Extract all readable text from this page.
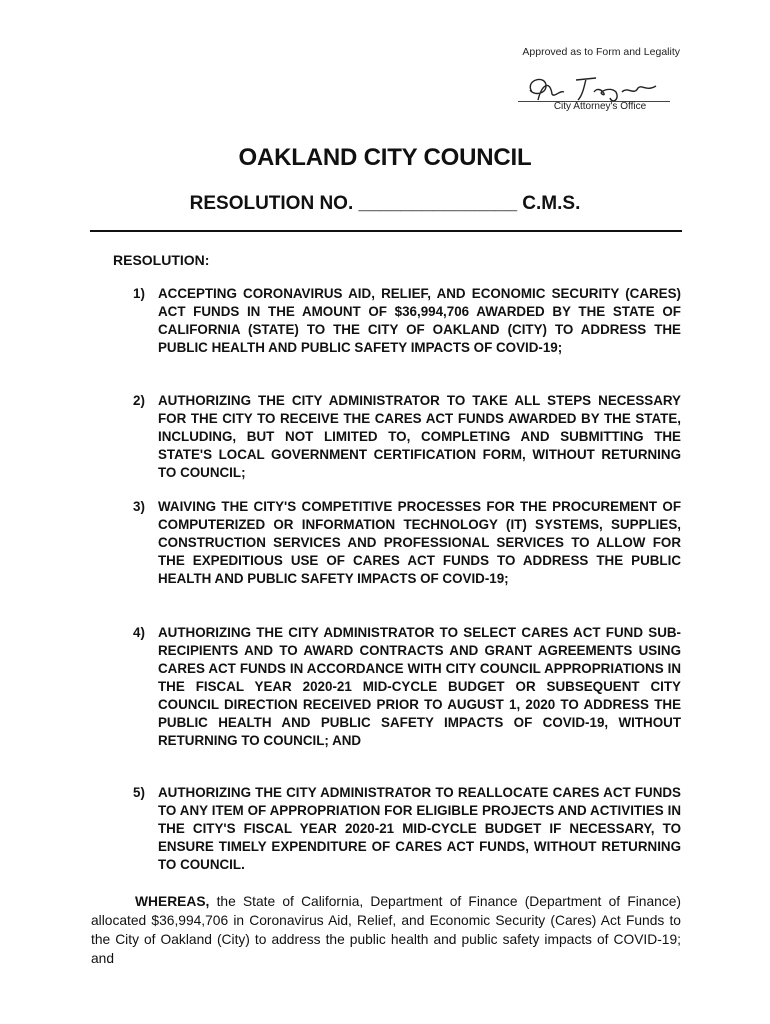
Approved as to Form and Legality
City Attorney's Office
OAKLAND CITY COUNCIL
RESOLUTION NO. _______________ C.M.S.
RESOLUTION:
1) ACCEPTING CORONAVIRUS AID, RELIEF, AND ECONOMIC SECURITY (CARES) ACT FUNDS IN THE AMOUNT OF $36,994,706 AWARDED BY THE STATE OF CALIFORNIA (STATE) TO THE CITY OF OAKLAND (CITY) TO ADDRESS THE PUBLIC HEALTH AND PUBLIC SAFETY IMPACTS OF COVID-19;
2) AUTHORIZING THE CITY ADMINISTRATOR TO TAKE ALL STEPS NECESSARY FOR THE CITY TO RECEIVE THE CARES ACT FUNDS AWARDED BY THE STATE, INCLUDING, BUT NOT LIMITED TO, COMPLETING AND SUBMITTING THE STATE'S LOCAL GOVERNMENT CERTIFICATION FORM, WITHOUT RETURNING TO COUNCIL;
3) WAIVING THE CITY'S COMPETITIVE PROCESSES FOR THE PROCUREMENT OF COMPUTERIZED OR INFORMATION TECHNOLOGY (IT) SYSTEMS, SUPPLIES, CONSTRUCTION SERVICES AND PROFESSIONAL SERVICES TO ALLOW FOR THE EXPEDITIOUS USE OF CARES ACT FUNDS TO ADDRESS THE PUBLIC HEALTH AND PUBLIC SAFETY IMPACTS OF COVID-19;
4) AUTHORIZING THE CITY ADMINISTRATOR TO SELECT CARES ACT FUND SUB-RECIPIENTS AND TO AWARD CONTRACTS AND GRANT AGREEMENTS USING CARES ACT FUNDS IN ACCORDANCE WITH CITY COUNCIL APPROPRIATIONS IN THE FISCAL YEAR 2020-21 MID-CYCLE BUDGET OR SUBSEQUENT CITY COUNCIL DIRECTION RECEIVED PRIOR TO AUGUST 1, 2020 TO ADDRESS THE PUBLIC HEALTH AND PUBLIC SAFETY IMPACTS OF COVID-19, WITHOUT RETURNING TO COUNCIL; AND
5) AUTHORIZING THE CITY ADMINISTRATOR TO REALLOCATE CARES ACT FUNDS TO ANY ITEM OF APPROPRIATION FOR ELIGIBLE PROJECTS AND ACTIVITIES IN THE CITY'S FISCAL YEAR 2020-21 MID-CYCLE BUDGET IF NECESSARY, TO ENSURE TIMELY EXPENDITURE OF CARES ACT FUNDS, WITHOUT RETURNING TO COUNCIL.
WHEREAS, the State of California, Department of Finance (Department of Finance) allocated $36,994,706 in Coronavirus Aid, Relief, and Economic Security (Cares) Act Funds to the City of Oakland (City) to address the public health and public safety impacts of COVID-19; and
